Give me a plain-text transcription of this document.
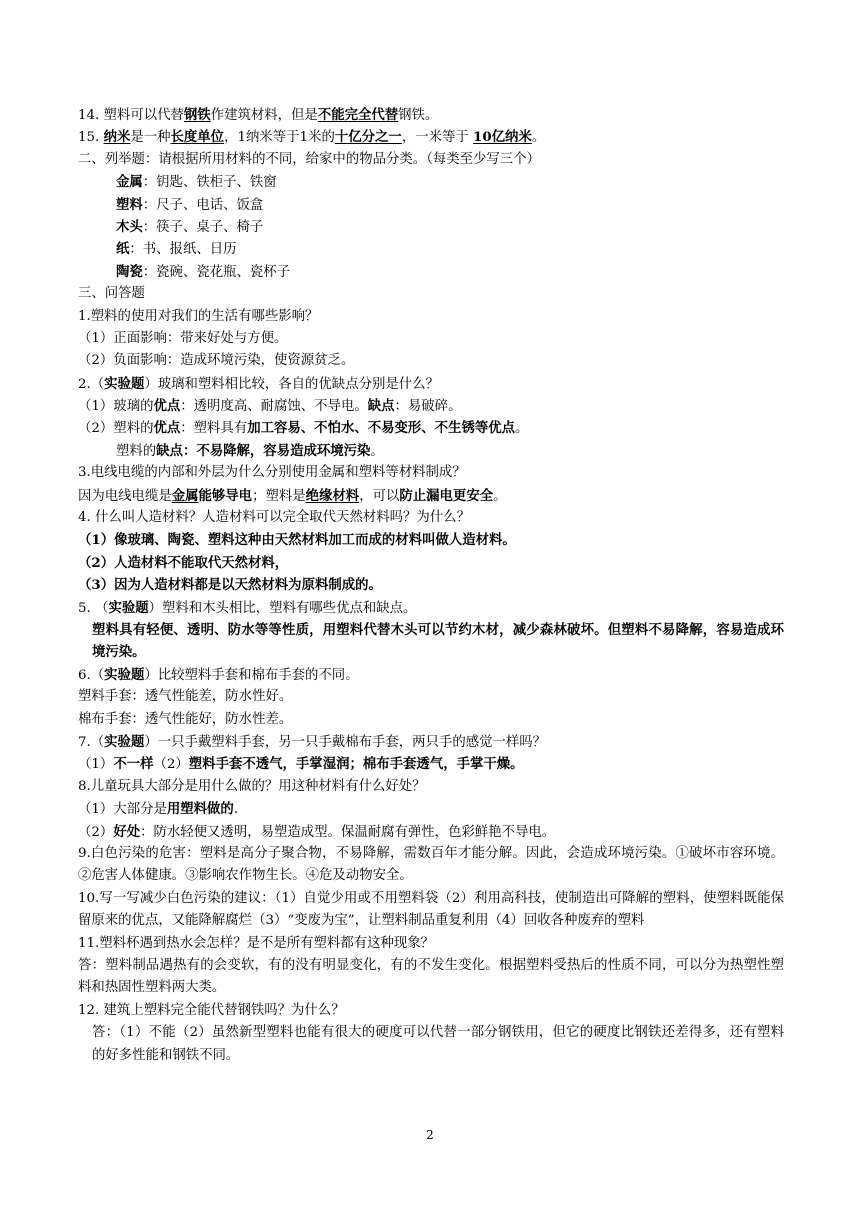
14. 塑料可以代替钢铁作建筑材料，但是不能完全代替钢铁。
15. 纳米是一种长度单位，1纳米等于1米的十亿分之一，一米等于 10亿纳米。
二、列举题：请根据所用材料的不同，给家中的物品分类。（每类至少写三个）
金属：钥匙、铁柜子、铁窗
塑料：尺子、电话、饭盒
木头：筷子、桌子、椅子
纸：书、报纸、日历
陶瓷：瓷碗、瓷花瓶、瓷杯子
三、问答题
1.塑料的使用对我们的生活有哪些影响？
（1）正面影响：带来好处与方便。
（2）负面影响：造成环境污染，使资源贫乏。
2.（实验题）玻璃和塑料相比较，各自的优缺点分别是什么？
（1）玻璃的优点：透明度高、耐腐蚀、不导电。缺点：易破碎。
（2）塑料的优点：塑料具有加工容易、不怕水、不易变形、不生锈等优点。
塑料的缺点：不易降解，容易造成环境污染。
3.电线电缆的内部和外层为什么分别使用金属和塑料等材料制成？
因为电线电缆是金属能够导电；塑料是绝缘材料，可以防止漏电更安全。
4. 什么叫人造材料？人造材料可以完全取代天然材料吗？为什么？
（1）像玻璃、陶瓷、塑料这种由天然材料加工而成的材料叫做人造材料。
（2）人造材料不能取代天然材料，
（3）因为人造材料都是以天然材料为原料制成的。
5. （实验题）塑料和木头相比，塑料有哪些优点和缺点。
塑料具有轻便、透明、防水等等性质，用塑料代替木头可以节约木材，减少森林破坏。但塑料不易降解，容易造成环境污染。
6.（实验题）比较塑料手套和棉布手套的不同。
塑料手套：透气性能差，防水性好。
棉布手套：透气性能好，防水性差。
7.（实验题）一只手戴塑料手套，另一只手戴棉布手套，两只手的感觉一样吗？
（1）不一样（2）塑料手套不透气，手掌湿润；棉布手套透气，手掌干燥。
8.儿童玩具大部分是用什么做的？用这种材料有什么好处？
（1）大部分是用塑料做的.
（2）好处：防水轻便又透明，易塑造成型。保温耐腐有弹性，色彩鲜艳不导电。
9.白色污染的危害：塑料是高分子聚合物，不易降解，需数百年才能分解。因此，会造成环境污染。①破坏市容环境。②危害人体健康。③影响农作物生长。④危及动物安全。
10.写一写减少白色污染的建议：（1）自觉少用或不用塑料袋（2）利用高科技，使制造出可降解的塑料，使塑料既能保留原来的优点，又能降解腐烂（3）“变废为宝”，让塑料制品重复利用（4）回收各种废弃的塑料
11.塑料杯遇到热水会怎样？是不是所有塑料都有这种现象？
答：塑料制品遇热有的会变软，有的没有明显变化，有的不发生变化。根据塑料受热后的性质不同，可以分为热塑性塑料和热固性塑料两大类。
12. 建筑上塑料完全能代替钢铁吗？为什么？
答：（1）不能（2）虽然新型塑料也能有很大的硬度可以代替一部分钢铁用，但它的硬度比钢铁还差得多，还有塑料的好多性能和钢铁不同。
2
